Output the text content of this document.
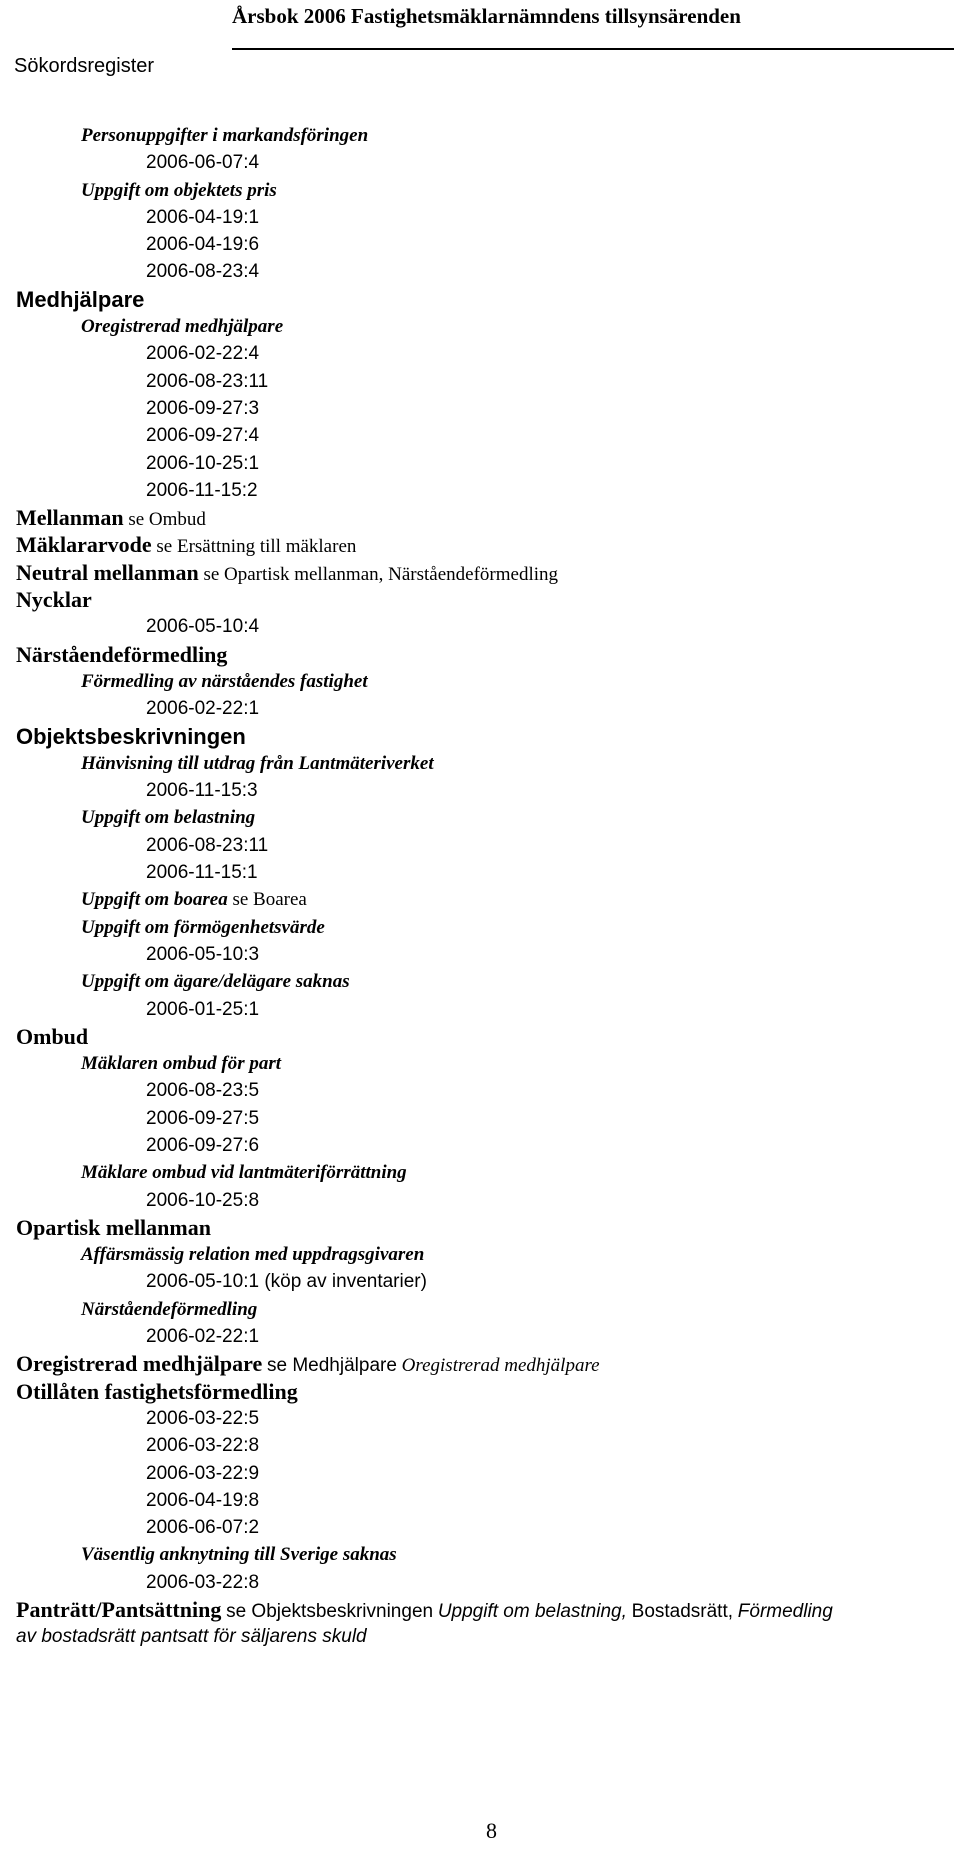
Årsbok 2006 Fastighetsmäklarnämndens tillsynsärenden
Sökordsregister
Personuppgifter i markandsföringen
2006-06-07:4
Uppgift om objektets pris
2006-04-19:1
2006-04-19:6
2006-08-23:4
Medhjälpare
Oregistrerad medhjälpare
2006-02-22:4
2006-08-23:11
2006-09-27:3
2006-09-27:4
2006-10-25:1
2006-11-15:2
Mellanman se Ombud
Mäklararvode se Ersättning till mäklaren
Neutral mellanman se Opartisk mellanman, Närståendeförmedling
Nycklar
2006-05-10:4
Närståendeförmedling
Förmedling av närståendes fastighet
2006-02-22:1
Objektsbeskrivningen
Hänvisning till utdrag från Lantmäteriverket
2006-11-15:3
Uppgift om belastning
2006-08-23:11
2006-11-15:1
Uppgift om boarea se Boarea
Uppgift om förmögenhetsvärde
2006-05-10:3
Uppgift om ägare/delägare saknas
2006-01-25:1
Ombud
Mäklaren ombud för part
2006-08-23:5
2006-09-27:5
2006-09-27:6
Mäklare ombud vid lantmäteriförrättning
2006-10-25:8
Opartisk mellanman
Affärsmässig relation med uppdragsgivaren
2006-05-10:1 (köp av inventarier)
Närståendeförmedling
2006-02-22:1
Oregistrerad medhjälpare se Medhjälpare Oregistrerad medhjälpare
Otillåten fastighetsförmedling
2006-03-22:5
2006-03-22:8
2006-03-22:9
2006-04-19:8
2006-06-07:2
Väsentlig anknytning till Sverige saknas
2006-03-22:8
Panträtt/Pantsättning se Objektsbeskrivningen Uppgift om belastning, Bostadsrätt, Förmedling
av bostadsrätt pantsatt för säljarens skuld
8
